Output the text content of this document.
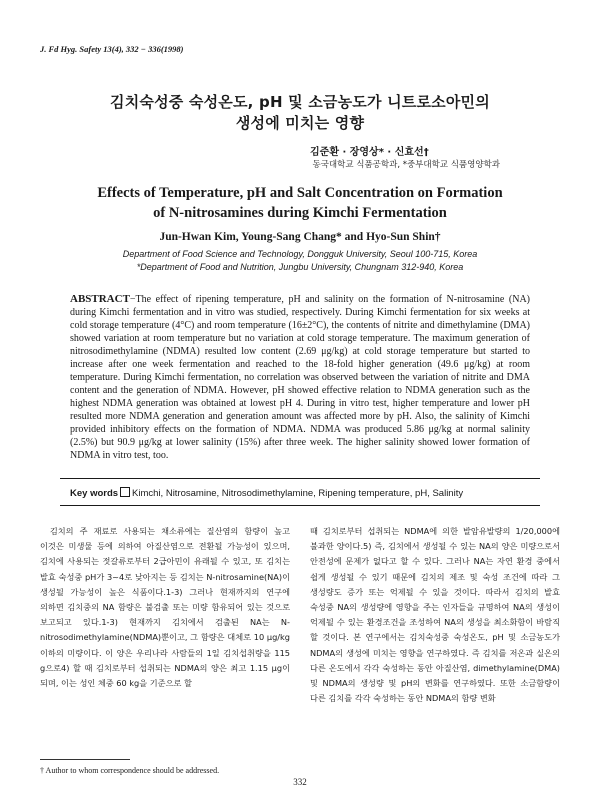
J. Fd Hyg. Safety 13(4), 332 − 336(1998)
김치숙성중 숙성온도, pH 및 소금농도가 니트로소아민의
생성에 미치는 영향
김준환 · 장영상* · 신효선†
동국대학교 식품공학과, *중부대학교 식품영양학과
Effects of Temperature, pH and Salt Concentration on Formation
of N-nitrosamines during Kimchi Fermentation
Jun-Hwan Kim, Young-Sang Chang* and Hyo-Sun Shin†
Department of Food Science and Technology, Dongguk University, Seoul 100-715, Korea
*Department of Food and Nutrition, Jungbu University, Chungnam 312-940, Korea
ABSTRACT−The effect of ripening temperature, pH and salinity on the formation of N-nitrosamine (NA) during Kimchi fermentation and in vitro was studied, respectively. During Kimchi fermentation for six weeks at cold storage temperature (4°C) and room temperature (16±2°C), the contents of nitrite and dimethylamine (DMA) showed variation at room temperature but no variation at cold storage temperature. The maximum generation of nitrosodimethylamine (NDMA) resulted low content (2.69 μg/kg) at cold storage temperature but started to increase after one week fermentation and reached to the 18-fold higher generation (49.6 μg/kg) at room temperature. During Kimchi fermentation, no correlation was observed between the variation of nitrite and DMA content and the generation of NDMA. However, pH showed effective relation to NDMA generation such as the highest NDMA generation was obtained at lowest pH 4. During in vitro test, higher temperature and lower pH resulted more NDMA generation and generation amount was affected more by pH. Also, the salinity of Kimchi provided inhibitory effects on the formation of NDMA. NDMA was produced 5.86 μg/kg at normal salinity (2.5%) but 90.9 μg/kg at lower salinity (15%) after three week. The higher salinity showed lower formation of NDMA in vitro test, too.
Key words Kimchi, Nitrosamine, Nitrosodimethylamine, Ripening temperature, pH, Salinity

김치의 주 재료로 사용되는 채소류에는 질산염의 함량이 높고 이것은 미생물 등에 의하여 아질산염으로 전환될 가능성이 있으며, 김치에 사용되는 젓갈류로부터 2급아민이 유래될 수 있고, 또 김치는 발효 숙성중 pH가 3~4로 낮아지는 등 김치는 N-nitrosamine(NA)이 생성될 가능성이 높은 식품이다.1-3) 그러나 현재까지의 연구에 의하면 김치중의 NA 함량은 불검출 또는 미량 함유되어 있는 것으로 보고되고 있다.1-3) 현재까지 김치에서 검출된 NA는 N-nitrosodimethylamine(NDMA)뿐이고, 그 함량은 대체로 10 μg/kg 이하의 미량이다. 이 양은 우리나라 사람들의 1일 김치섭취량을 115 g으로4) 할 때 김치로부터 섭취되는 NDMA의 양은 최고 1.15 μg이 되며, 이는 성인 체중 60 kg을 기준으로 할

때 김치로부터 섭취되는 NDMA에 의한 발암유발량의 1/20,000에 불과한 양이다.5) 즉, 김치에서 생성될 수 있는 NA의 양은 미량으로서 안전성에 문제가 없다고 할 수 있다. 그러나 NA는 자연 환경 중에서 쉽게 생성될 수 있기 때문에 김치의 제조 및 숙성 조건에 따라 그 생성량도 증가 또는 억제될 수 있을 것이다. 따라서 김치의 발효 숙성중 NA의 생성량에 영향을 주는 인자들을 규명하여 NA의 생성이 억제될 수 있는 환경조건을 조성하여 NA의 생성을 최소화함이 바람직 할 것이다. 본 연구에서는 김치숙성중 숙성온도, pH 및 소금농도가 NDMA의 생성에 미치는 영향을 연구하였다. 즉 김치를 저온과 실온의 다른 온도에서 각각 숙성하는 동안 아질산염, dimethylamine(DMA) 및 NDMA의 생성량 및 pH의 변화를 연구하였다. 또한 소금함량이 다른 김치를 각각 숙성하는 동안 NDMA의 함량 변화

† Author to whom correspondence should be addressed.
332
